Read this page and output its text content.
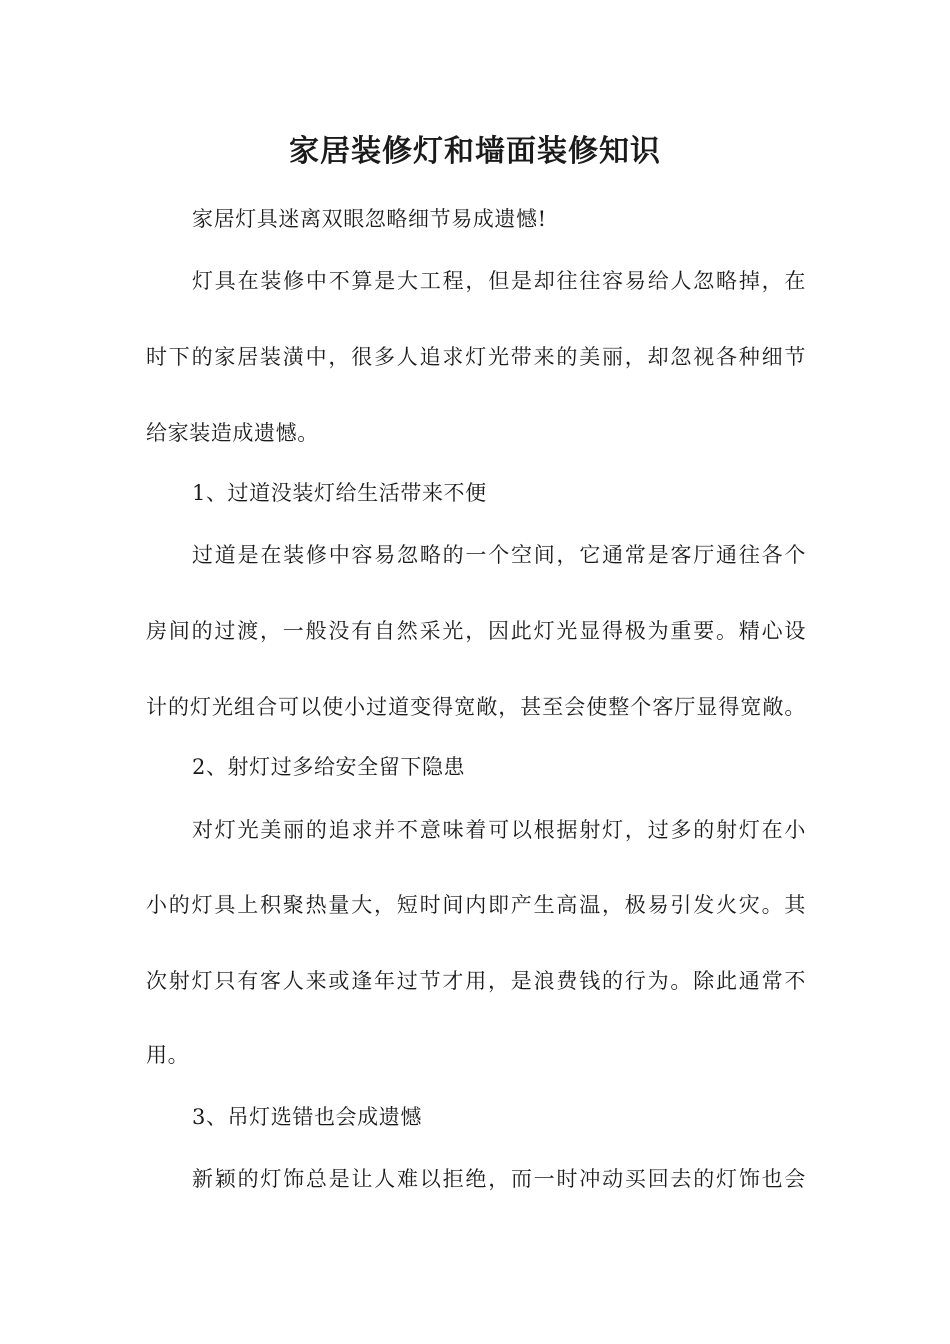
家居装修灯和墙面装修知识
家居灯具迷离双眼忽略细节易成遗憾!
灯具在装修中不算是大工程，但是却往往容易给人忽略掉，在
时下的家居装潢中，很多人追求灯光带来的美丽，却忽视各种细节
给家装造成遗憾。
1、过道没装灯给生活带来不便
过道是在装修中容易忽略的一个空间，它通常是客厅通往各个
房间的过渡，一般没有自然采光，因此灯光显得极为重要。精心设
计的灯光组合可以使小过道变得宽敞，甚至会使整个客厅显得宽敞。
2、射灯过多给安全留下隐患
对灯光美丽的追求并不意味着可以根据射灯，过多的射灯在小
小的灯具上积聚热量大，短时间内即产生高温，极易引发火灾。其
次射灯只有客人来或逢年过节才用，是浪费钱的行为。除此通常不
用。
3、吊灯选错也会成遗憾
新颖的灯饰总是让人难以拒绝，而一时冲动买回去的灯饰也会
